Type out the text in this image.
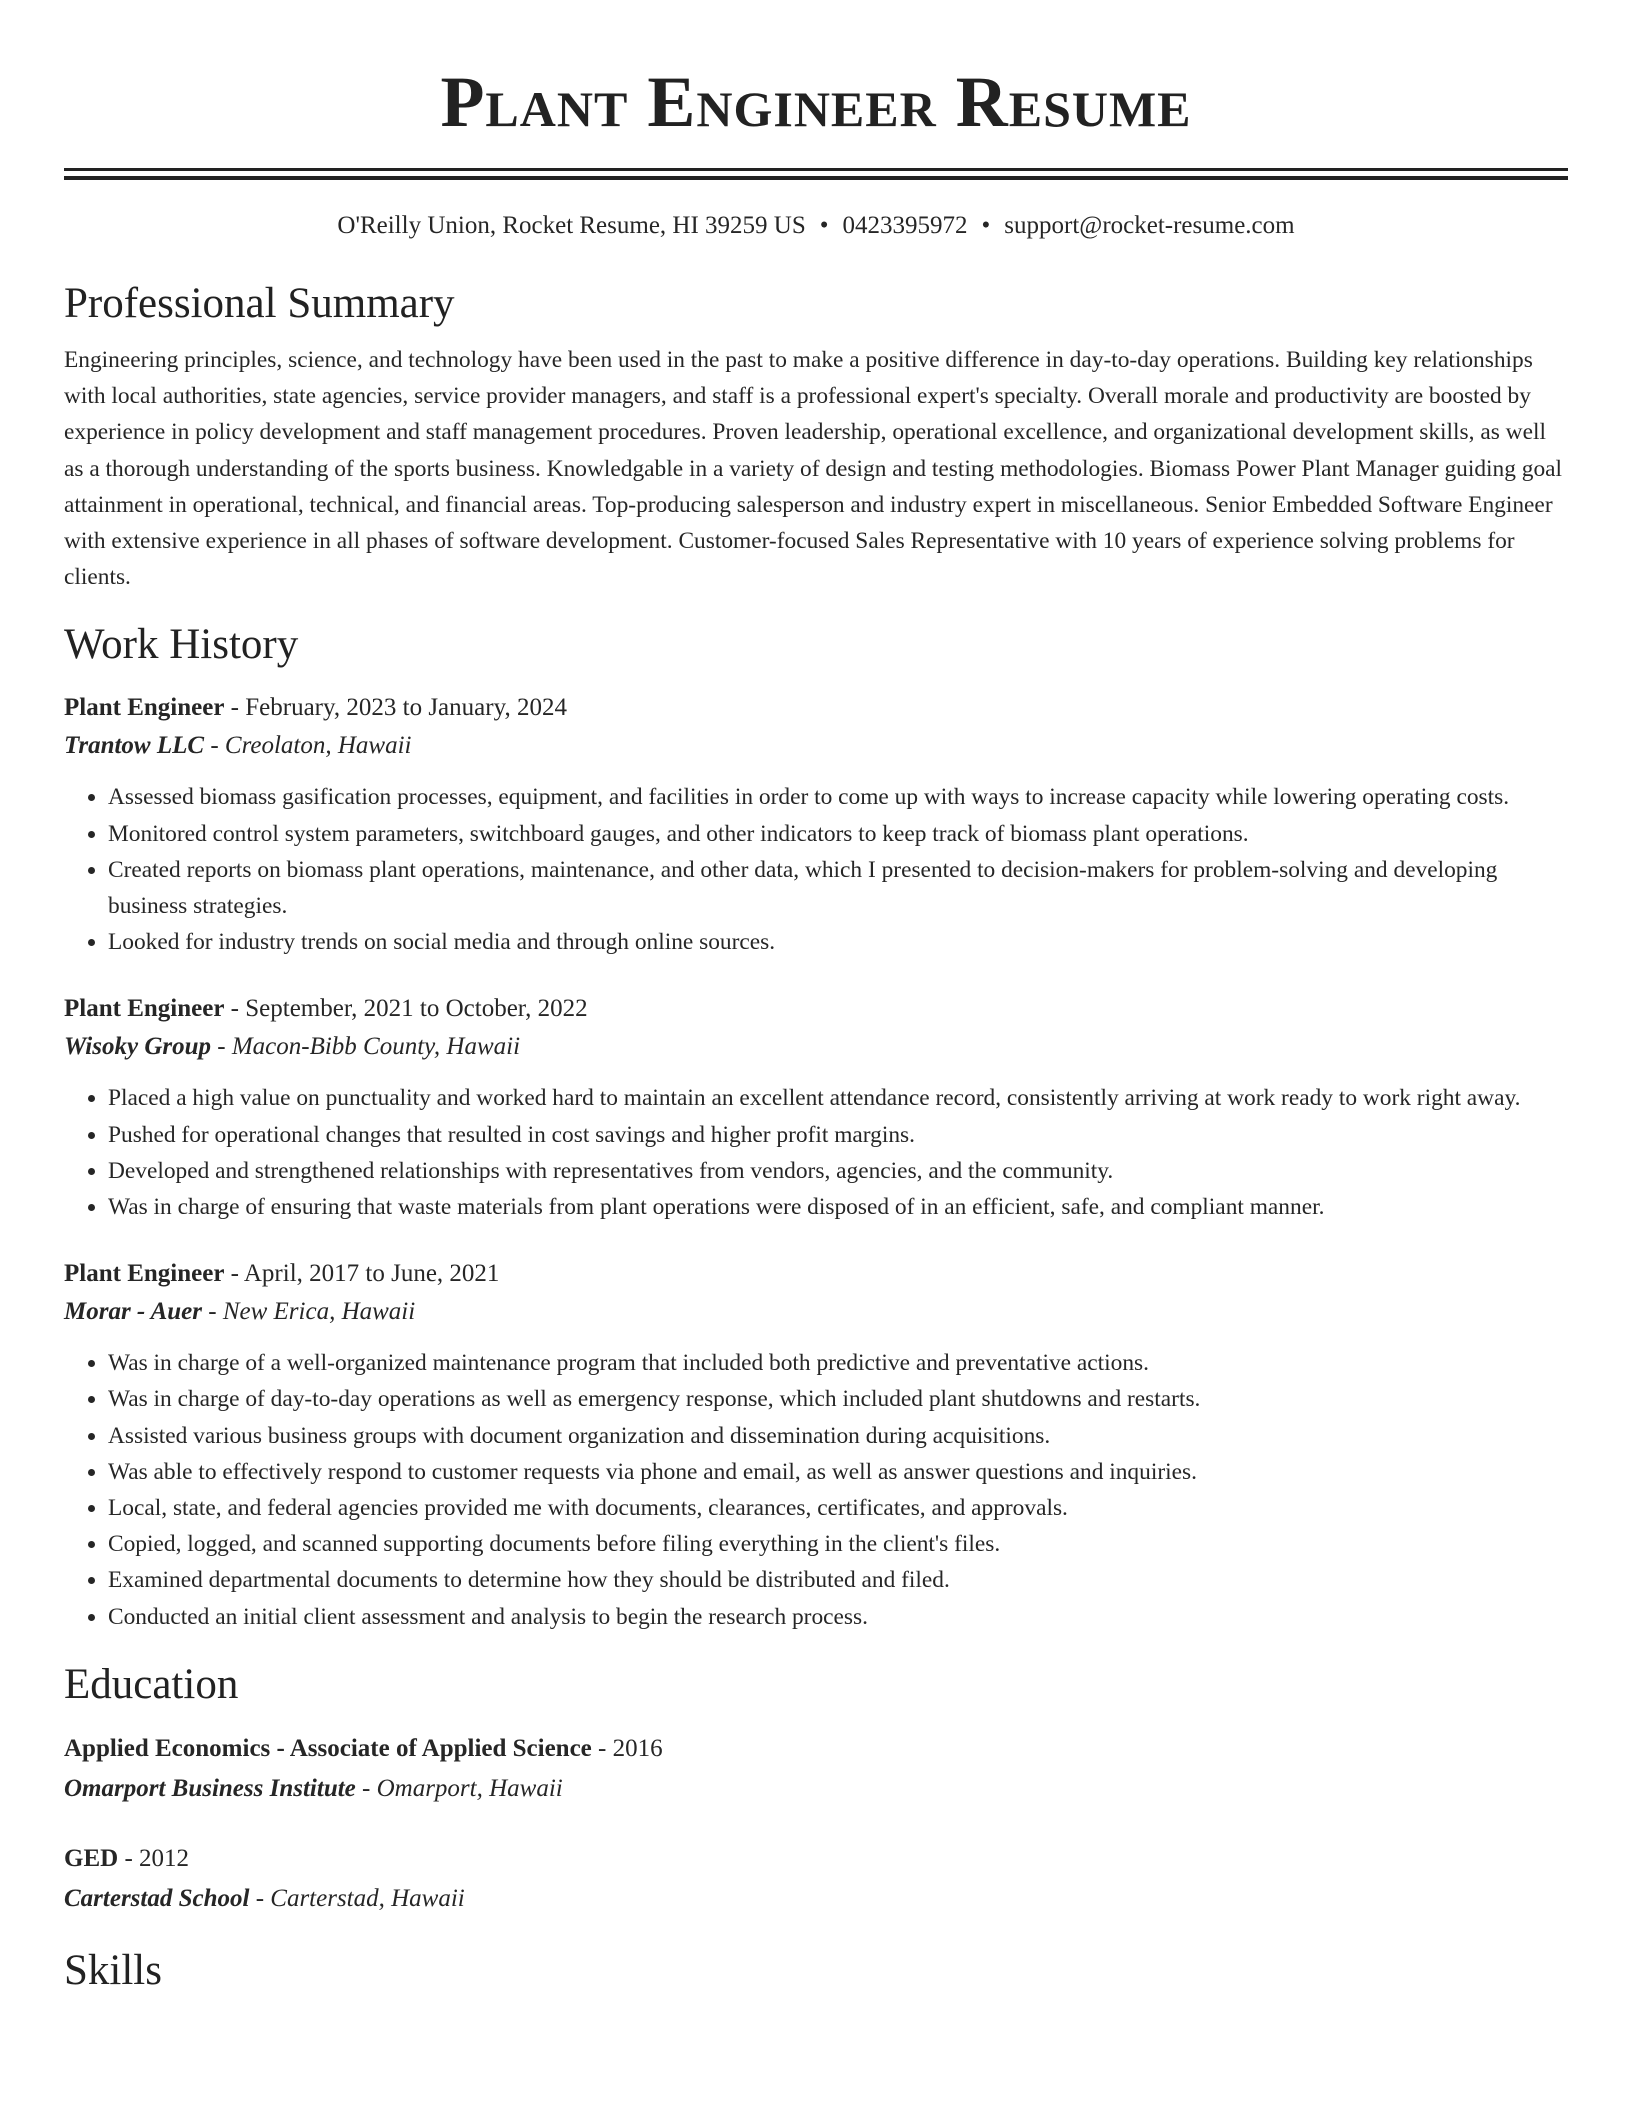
Plant Engineer Resume
O'Reilly Union, Rocket Resume, HI 39259 US • 0423395972 • support@rocket-resume.com
Professional Summary
Engineering principles, science, and technology have been used in the past to make a positive difference in day-to-day operations. Building key relationships with local authorities, state agencies, service provider managers, and staff is a professional expert's specialty. Overall morale and productivity are boosted by experience in policy development and staff management procedures. Proven leadership, operational excellence, and organizational development skills, as well as a thorough understanding of the sports business. Knowledgable in a variety of design and testing methodologies. Biomass Power Plant Manager guiding goal attainment in operational, technical, and financial areas. Top-producing salesperson and industry expert in miscellaneous. Senior Embedded Software Engineer with extensive experience in all phases of software development. Customer-focused Sales Representative with 10 years of experience solving problems for clients.
Work History
Plant Engineer - February, 2023 to January, 2024
Trantow LLC - Creolaton, Hawaii
• Assessed biomass gasification processes, equipment, and facilities in order to come up with ways to increase capacity while lowering operating costs.
• Monitored control system parameters, switchboard gauges, and other indicators to keep track of biomass plant operations.
• Created reports on biomass plant operations, maintenance, and other data, which I presented to decision-makers for problem-solving and developing business strategies.
• Looked for industry trends on social media and through online sources.
Plant Engineer - September, 2021 to October, 2022
Wisoky Group - Macon-Bibb County, Hawaii
• Placed a high value on punctuality and worked hard to maintain an excellent attendance record, consistently arriving at work ready to work right away.
• Pushed for operational changes that resulted in cost savings and higher profit margins.
• Developed and strengthened relationships with representatives from vendors, agencies, and the community.
• Was in charge of ensuring that waste materials from plant operations were disposed of in an efficient, safe, and compliant manner.
Plant Engineer - April, 2017 to June, 2021
Morar - Auer - New Erica, Hawaii
• Was in charge of a well-organized maintenance program that included both predictive and preventative actions.
• Was in charge of day-to-day operations as well as emergency response, which included plant shutdowns and restarts.
• Assisted various business groups with document organization and dissemination during acquisitions.
• Was able to effectively respond to customer requests via phone and email, as well as answer questions and inquiries.
• Local, state, and federal agencies provided me with documents, clearances, certificates, and approvals.
• Copied, logged, and scanned supporting documents before filing everything in the client's files.
• Examined departmental documents to determine how they should be distributed and filed.
• Conducted an initial client assessment and analysis to begin the research process.
Education
Applied Economics - Associate of Applied Science - 2016
Omarport Business Institute - Omarport, Hawaii
GED - 2012
Carterstad School - Carterstad, Hawaii
Skills
